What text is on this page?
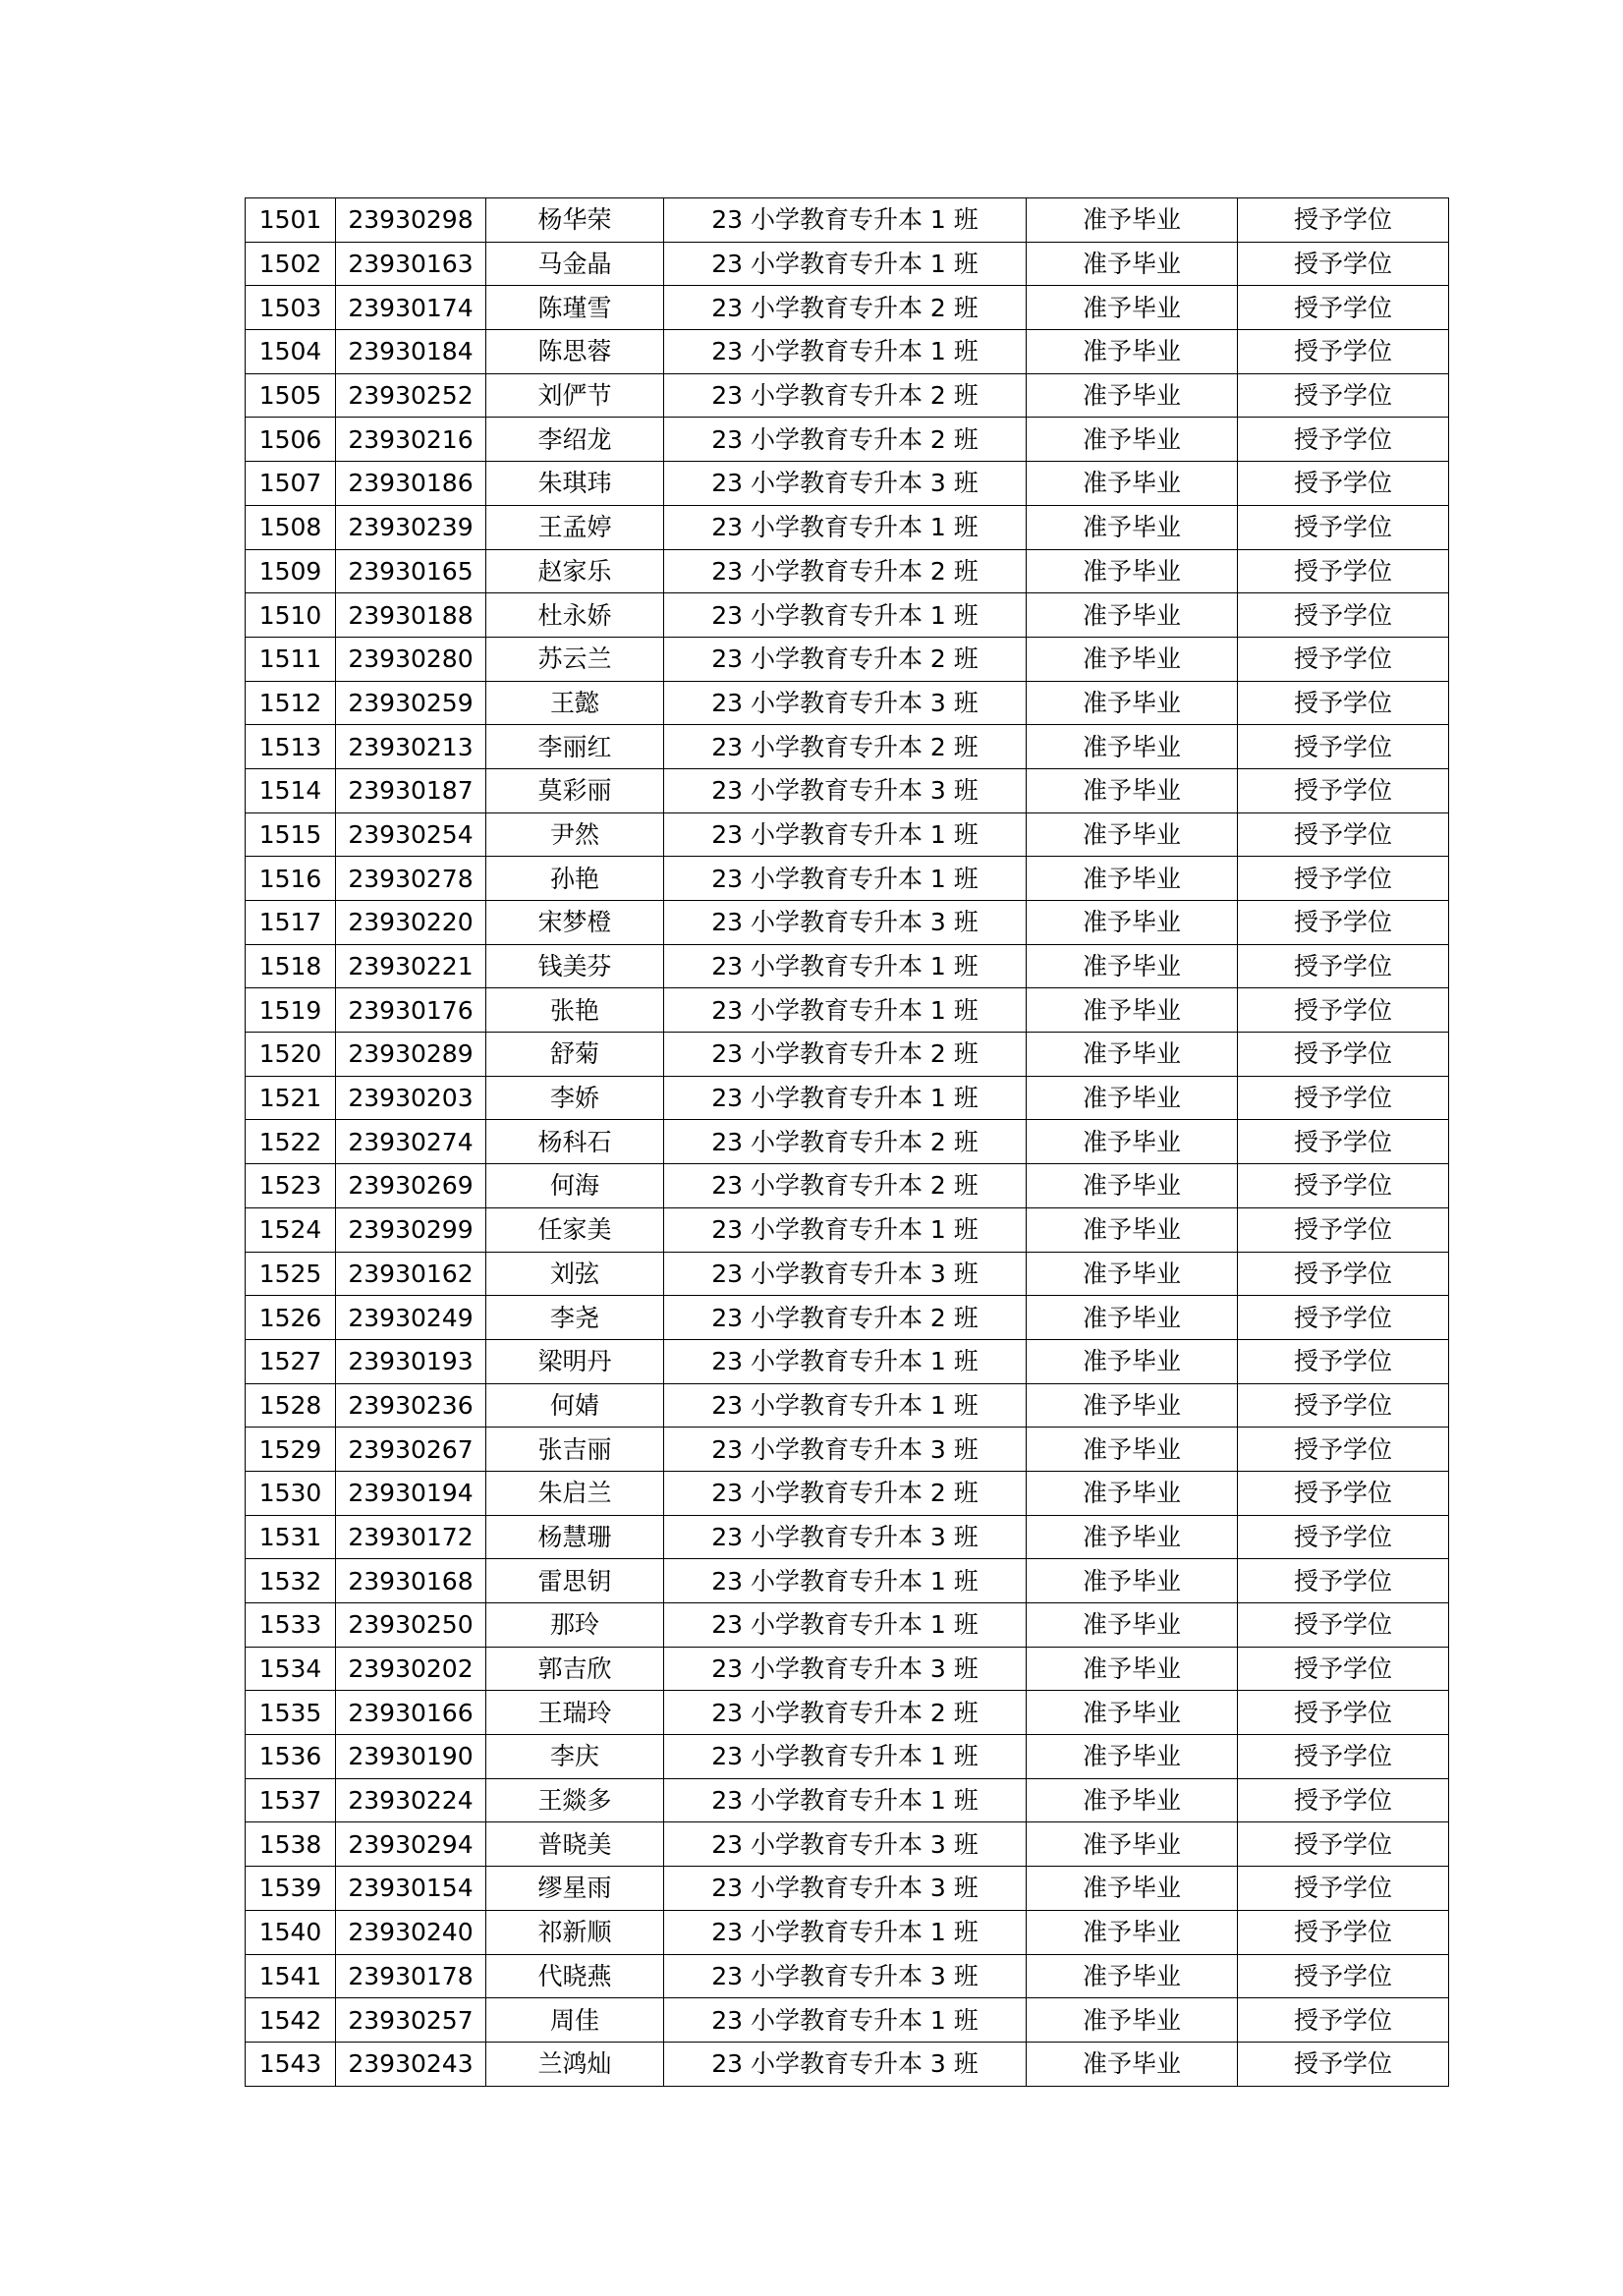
1501	23930298	杨华荣	23 小学教育专升本 1 班	准予毕业	授予学位
1502	23930163	马金晶	23 小学教育专升本 1 班	准予毕业	授予学位
1503	23930174	陈瑾雪	23 小学教育专升本 2 班	准予毕业	授予学位
1504	23930184	陈思蓉	23 小学教育专升本 1 班	准予毕业	授予学位
1505	23930252	刘俨节	23 小学教育专升本 2 班	准予毕业	授予学位
1506	23930216	李绍龙	23 小学教育专升本 2 班	准予毕业	授予学位
1507	23930186	朱琪玮	23 小学教育专升本 3 班	准予毕业	授予学位
1508	23930239	王孟婷	23 小学教育专升本 1 班	准予毕业	授予学位
1509	23930165	赵家乐	23 小学教育专升本 2 班	准予毕业	授予学位
1510	23930188	杜永娇	23 小学教育专升本 1 班	准予毕业	授予学位
1511	23930280	苏云兰	23 小学教育专升本 2 班	准予毕业	授予学位
1512	23930259	王懿	23 小学教育专升本 3 班	准予毕业	授予学位
1513	23930213	李丽红	23 小学教育专升本 2 班	准予毕业	授予学位
1514	23930187	莫彩丽	23 小学教育专升本 3 班	准予毕业	授予学位
1515	23930254	尹然	23 小学教育专升本 1 班	准予毕业	授予学位
1516	23930278	孙艳	23 小学教育专升本 1 班	准予毕业	授予学位
1517	23930220	宋梦橙	23 小学教育专升本 3 班	准予毕业	授予学位
1518	23930221	钱美芬	23 小学教育专升本 1 班	准予毕业	授予学位
1519	23930176	张艳	23 小学教育专升本 1 班	准予毕业	授予学位
1520	23930289	舒菊	23 小学教育专升本 2 班	准予毕业	授予学位
1521	23930203	李娇	23 小学教育专升本 1 班	准予毕业	授予学位
1522	23930274	杨科石	23 小学教育专升本 2 班	准予毕业	授予学位
1523	23930269	何海	23 小学教育专升本 2 班	准予毕业	授予学位
1524	23930299	任家美	23 小学教育专升本 1 班	准予毕业	授予学位
1525	23930162	刘弦	23 小学教育专升本 3 班	准予毕业	授予学位
1526	23930249	李尧	23 小学教育专升本 2 班	准予毕业	授予学位
1527	23930193	梁明丹	23 小学教育专升本 1 班	准予毕业	授予学位
1528	23930236	何婧	23 小学教育专升本 1 班	准予毕业	授予学位
1529	23930267	张吉丽	23 小学教育专升本 3 班	准予毕业	授予学位
1530	23930194	朱启兰	23 小学教育专升本 2 班	准予毕业	授予学位
1531	23930172	杨慧珊	23 小学教育专升本 3 班	准予毕业	授予学位
1532	23930168	雷思钥	23 小学教育专升本 1 班	准予毕业	授予学位
1533	23930250	那玲	23 小学教育专升本 1 班	准予毕业	授予学位
1534	23930202	郭吉欣	23 小学教育专升本 3 班	准予毕业	授予学位
1535	23930166	王瑞玲	23 小学教育专升本 2 班	准予毕业	授予学位
1536	23930190	李庆	23 小学教育专升本 1 班	准予毕业	授予学位
1537	23930224	王燚多	23 小学教育专升本 1 班	准予毕业	授予学位
1538	23930294	普晓美	23 小学教育专升本 3 班	准予毕业	授予学位
1539	23930154	缪星雨	23 小学教育专升本 3 班	准予毕业	授予学位
1540	23930240	祁新顺	23 小学教育专升本 1 班	准予毕业	授予学位
1541	23930178	代晓燕	23 小学教育专升本 3 班	准予毕业	授予学位
1542	23930257	周佳	23 小学教育专升本 1 班	准予毕业	授予学位
1543	23930243	兰鸿灿	23 小学教育专升本 3 班	准予毕业	授予学位
